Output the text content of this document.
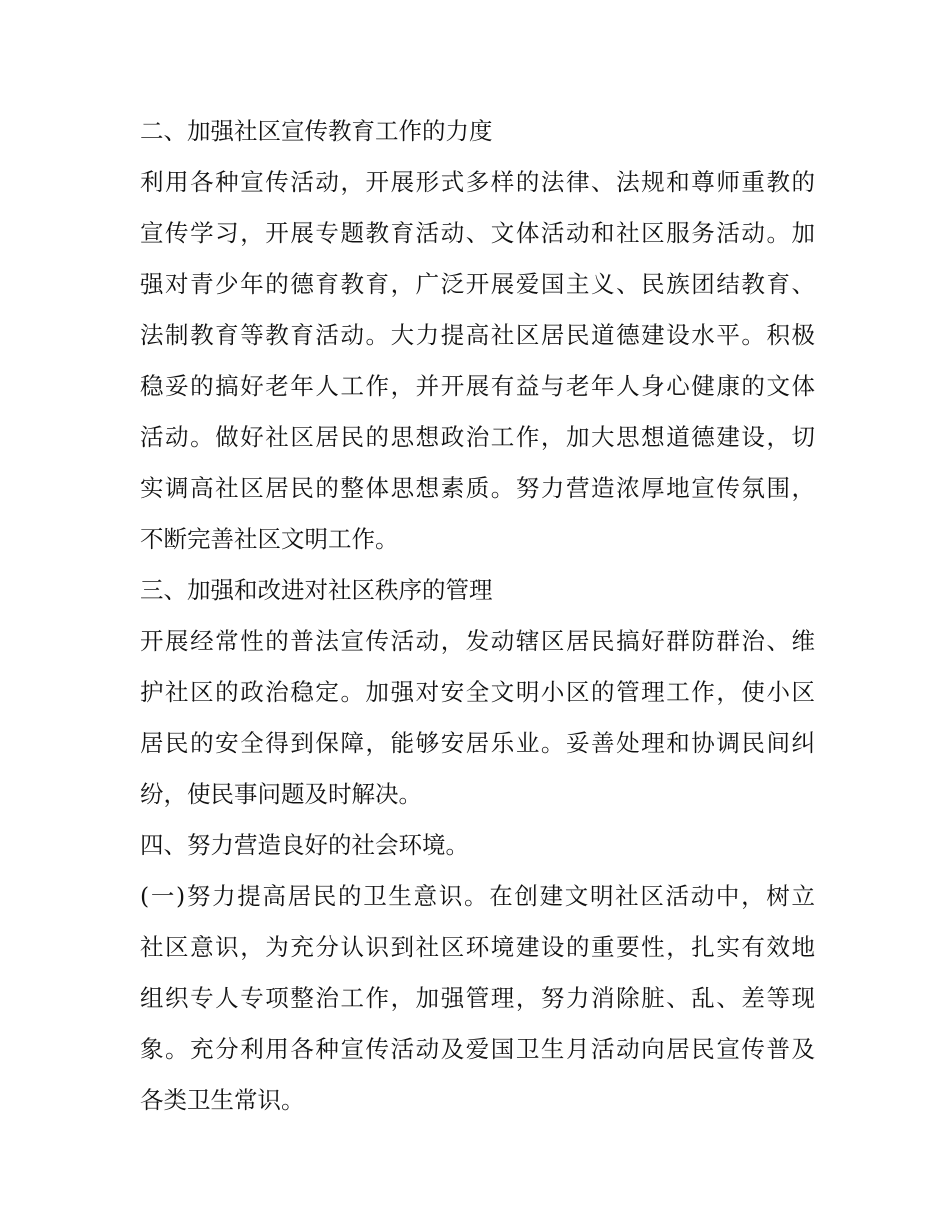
二、加强社区宣传教育工作的力度
利用各种宣传活动，开展形式多样的法律、法规和尊师重教的
宣传学习，开展专题教育活动、文体活动和社区服务活动。加
强对青少年的德育教育，广泛开展爱国主义、民族团结教育、
法制教育等教育活动。大力提高社区居民道德建设水平。积极
稳妥的搞好老年人工作，并开展有益与老年人身心健康的文体
活动。做好社区居民的思想政治工作，加大思想道德建设，切
实调高社区居民的整体思想素质。努力营造浓厚地宣传氛围，
不断完善社区文明工作。
三、加强和改进对社区秩序的管理
开展经常性的普法宣传活动，发动辖区居民搞好群防群治、维
护社区的政治稳定。加强对安全文明小区的管理工作，使小区
居民的安全得到保障，能够安居乐业。妥善处理和协调民间纠
纷，使民事问题及时解决。
四、努力营造良好的社会环境。
(一)努力提高居民的卫生意识。在创建文明社区活动中，树立
社区意识，为充分认识到社区环境建设的重要性，扎实有效地
组织专人专项整治工作，加强管理，努力消除脏、乱、差等现
象。充分利用各种宣传活动及爱国卫生月活动向居民宣传普及
各类卫生常识。
